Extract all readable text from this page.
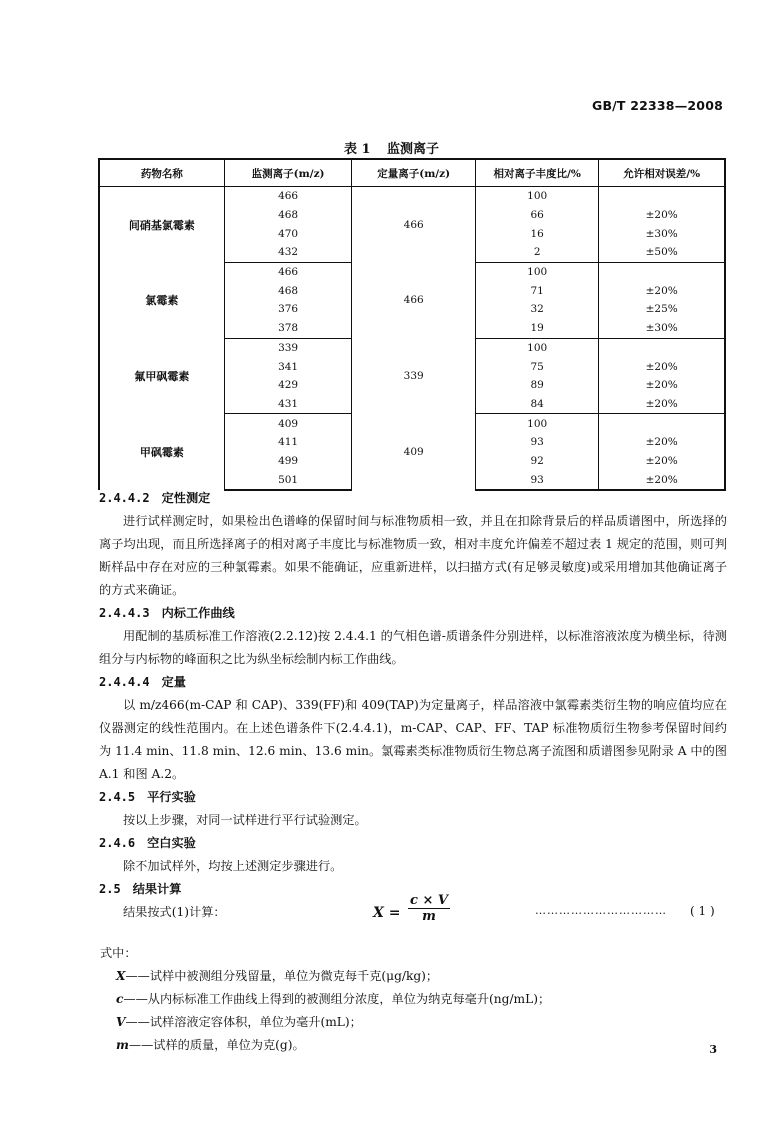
GB/T 22338—2008
表 1 监测离子
药物名称	监测离子(m/z)	定量离子(m/z)	相对离子丰度比/%	允许相对误差/%
间硝基氯霉素	466	466	100	
	468		66	±20%
	470		16	±30%
	432		2	±50%
氯霉素	466	466	100	
	468		71	±20%
	376		32	±25%
	378		19	±30%
氟甲砜霉素	339	339	100	
	341		75	±20%
	429		89	±20%
	431		84	±20%
甲砜霉素	409	409	100	
	411		93	±20%
	499		92	±20%
	501		93	±20%
2.4.4.2 定性测定
进行试样测定时，如果检出色谱峰的保留时间与标准物质相一致，并且在扣除背景后的样品质谱图中，所选择的离子均出现，而且所选择离子的相对离子丰度比与标准物质一致，相对丰度允许偏差不超过表 1 规定的范围，则可判断样品中存在对应的三种氯霉素。如果不能确证，应重新进样，以扫描方式(有足够灵敏度)或采用增加其他确证离子的方式来确证。
2.4.4.3 内标工作曲线
用配制的基质标准工作溶液(2.2.12)按 2.4.4.1 的气相色谱-质谱条件分别进样，以标准溶液浓度为横坐标，待测组分与内标物的峰面积之比为纵坐标绘制内标工作曲线。
2.4.4.4 定量
以 m/z466(m-CAP 和 CAP)、339(FF)和 409(TAP)为定量离子，样品溶液中氯霉素类衍生物的响应值均应在仪器测定的线性范围内。在上述色谱条件下(2.4.4.1)，m-CAP、CAP、FF、TAP 标准物质衍生物参考保留时间约为 11.4 min、11.8 min、12.6 min、13.6 min。氯霉素类标准物质衍生物总离子流图和质谱图参见附录 A 中的图 A.1 和图 A.2。
2.4.5 平行实验
按以上步骤，对同一试样进行平行试验测定。
2.4.6 空白实验
除不加试样外，均按上述测定步骤进行。
2.5 结果计算
结果按式(1)计算：	$X = \frac{c \times V}{m}$	…………………………… ( 1 )
式中：
X——试样中被测组分残留量，单位为微克每千克(μg/kg)；
c——从内标标准工作曲线上得到的被测组分浓度，单位为纳克每毫升(ng/mL)；
V——试样溶液定容体积，单位为毫升(mL)；
m——试样的质量，单位为克(g)。	3
